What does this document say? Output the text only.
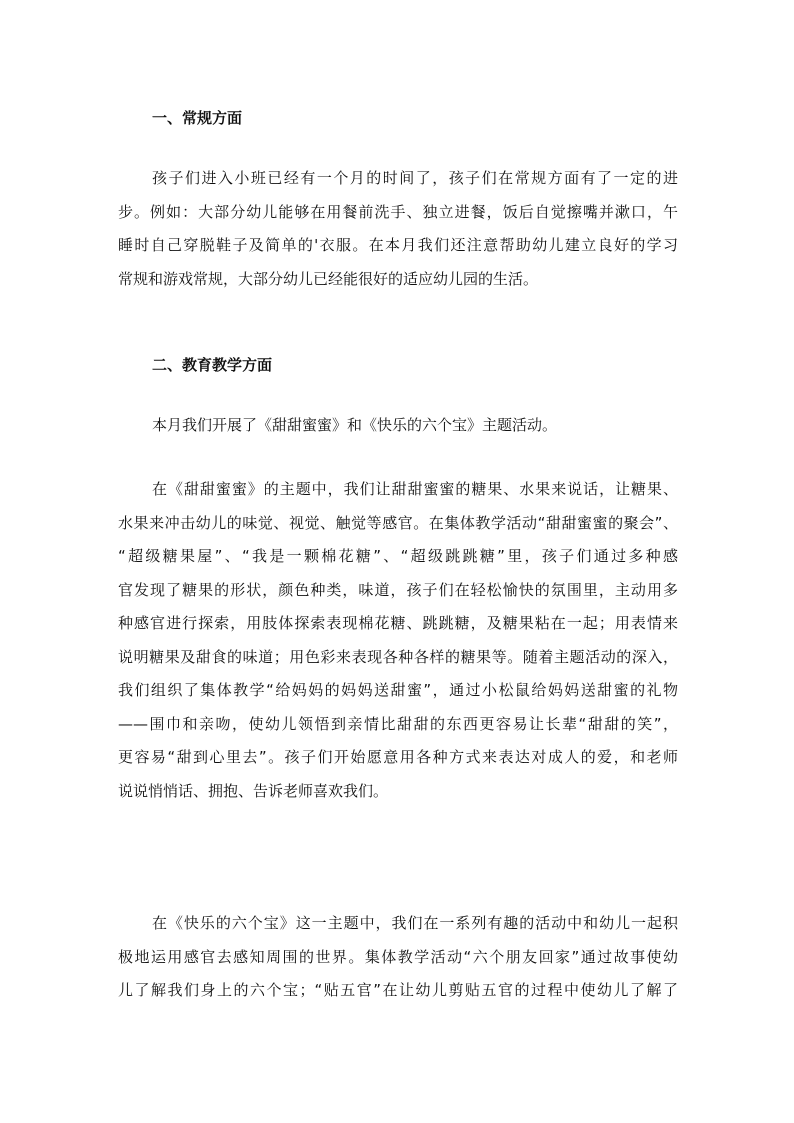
一、常规方面

孩子们进入小班已经有一个月的时间了，孩子们在常规方面有了一定的进
步。例如：大部分幼儿能够在用餐前洗手、独立进餐，饭后自觉擦嘴并漱口，午
睡时自己穿脱鞋子及简单的'衣服。在本月我们还注意帮助幼儿建立良好的学习
常规和游戏常规，大部分幼儿已经能很好的适应幼儿园的生活。

二、教育教学方面

本月我们开展了《甜甜蜜蜜》和《快乐的六个宝》主题活动。

在《甜甜蜜蜜》的主题中，我们让甜甜蜜蜜的糖果、水果来说话，让糖果、
水果来冲击幼儿的味觉、视觉、触觉等感官。在集体教学活动“甜甜蜜蜜的聚会”、
“超级糖果屋”、“我是一颗棉花糖”、“超级跳跳糖”里，孩子们通过多种感
官发现了糖果的形状，颜色种类，味道，孩子们在轻松愉快的氛围里，主动用多
种感官进行探索，用肢体探索表现棉花糖、跳跳糖，及糖果粘在一起；用表情来
说明糖果及甜食的味道；用色彩来表现各种各样的糖果等。随着主题活动的深入，
我们组织了集体教学“给妈妈的妈妈送甜蜜”，通过小松鼠给妈妈送甜蜜的礼物
——围巾和亲吻，使幼儿领悟到亲情比甜甜的东西更容易让长辈“甜甜的笑”，
更容易“甜到心里去”。孩子们开始愿意用各种方式来表达对成人的爱，和老师
说说悄悄话、拥抱、告诉老师喜欢我们。

在《快乐的六个宝》这一主题中，我们在一系列有趣的活动中和幼儿一起积
极地运用感官去感知周围的世界。集体教学活动“六个朋友回家”通过故事使幼
儿了解我们身上的六个宝；“贴五官”在让幼儿剪贴五官的过程中使幼儿了解了
